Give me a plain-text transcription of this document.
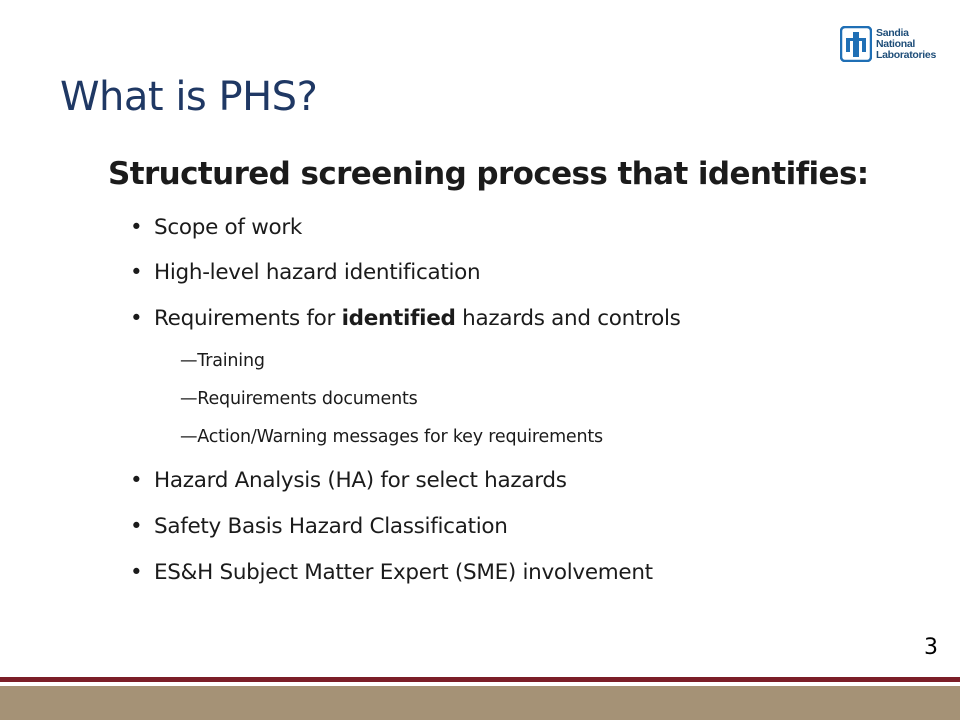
Sandia
National
Laboratories
What is PHS?
Structured screening process that identifies:
• Scope of work
• High-level hazard identification
• Requirements for identified hazards and controls
—Training
—Requirements documents
—Action/Warning messages for key requirements
• Hazard Analysis (HA) for select hazards
• Safety Basis Hazard Classification
• ES&H Subject Matter Expert (SME) involvement
3
